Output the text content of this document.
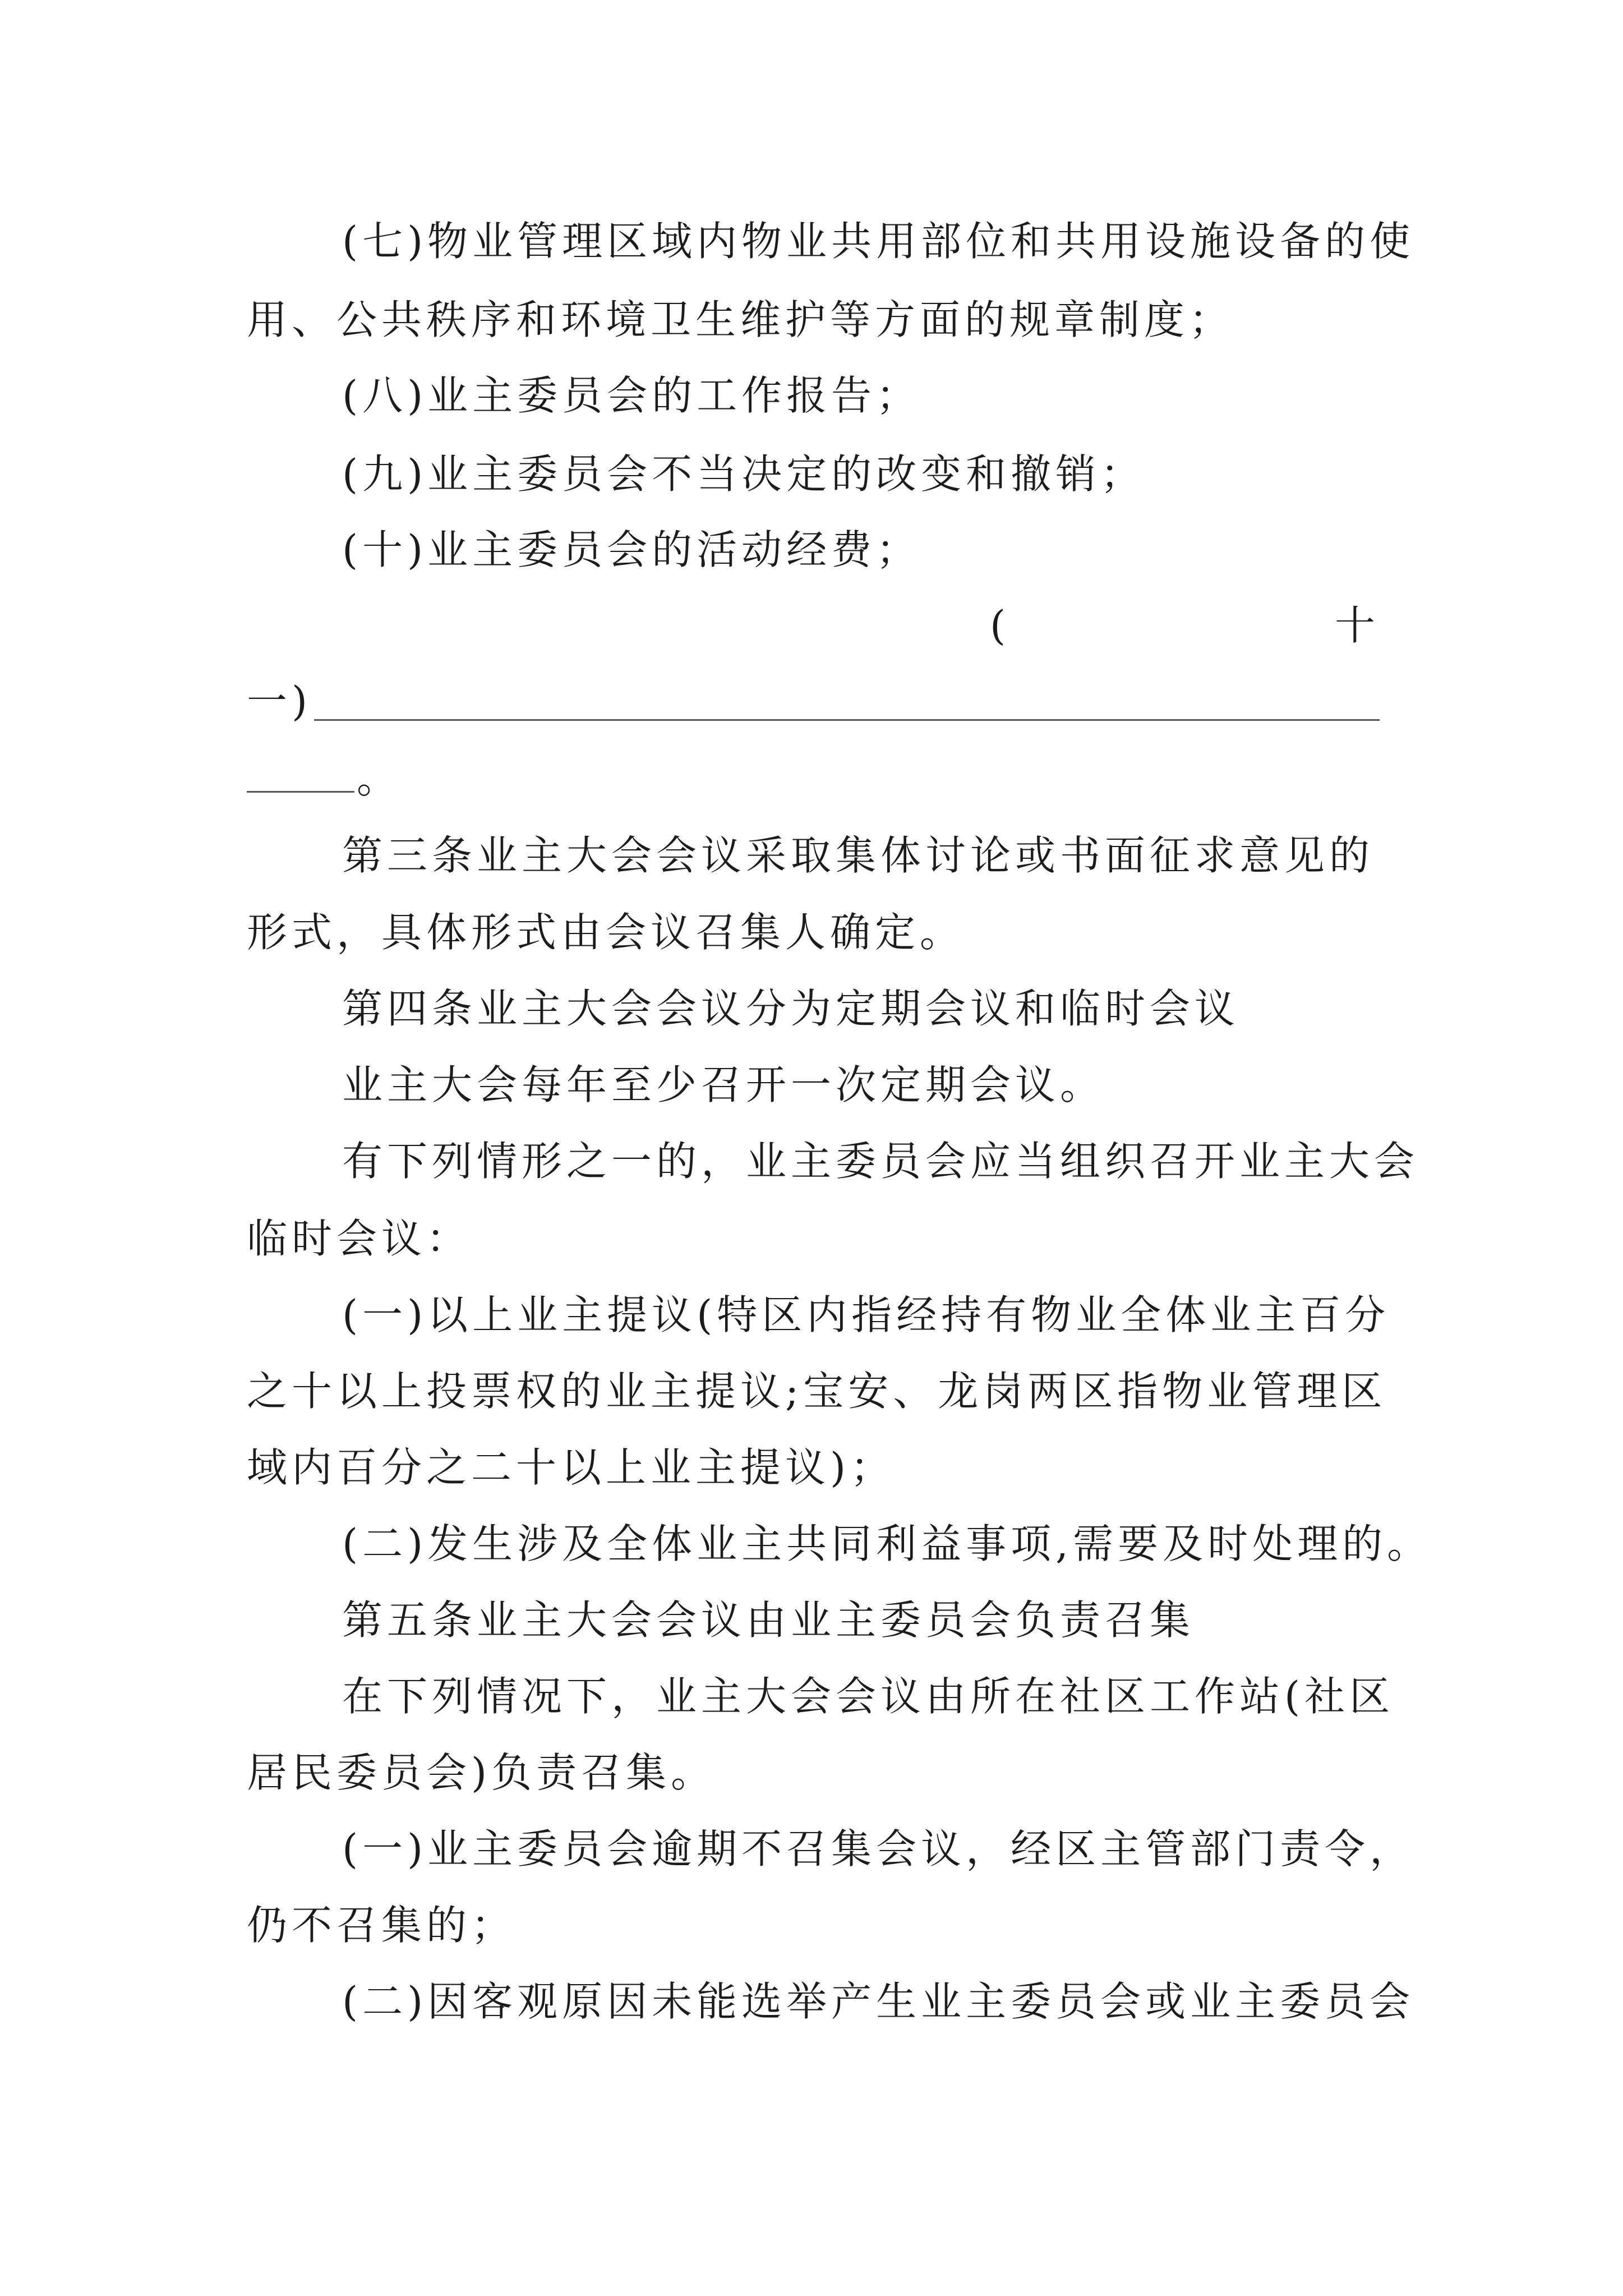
(七)物业管理区域内物业共用部位和共用设施设备的使
用、公共秩序和环境卫生维护等方面的规章制度；
(八)业主委员会的工作报告；
(九)业主委员会不当决定的改变和撤销；
(十)业主委员会的活动经费；
(	十
一)
。
第三条业主大会会议采取集体讨论或书面征求意见的
形式，具体形式由会议召集人确定。
第四条业主大会会议分为定期会议和临时会议
业主大会每年至少召开一次定期会议。
有下列情形之一的，业主委员会应当组织召开业主大会
临时会议：
(一)以上业主提议(特区内指经持有物业全体业主百分
之十以上投票权的业主提议;宝安、龙岗两区指物业管理区
域内百分之二十以上业主提议)；
(二)发生涉及全体业主共同利益事项,需要及时处理的。
第五条业主大会会议由业主委员会负责召集
在下列情况下，业主大会会议由所在社区工作站(社区
居民委员会)负责召集。
(一)业主委员会逾期不召集会议，经区主管部门责令，
仍不召集的；
(二)因客观原因未能选举产生业主委员会或业主委员会
